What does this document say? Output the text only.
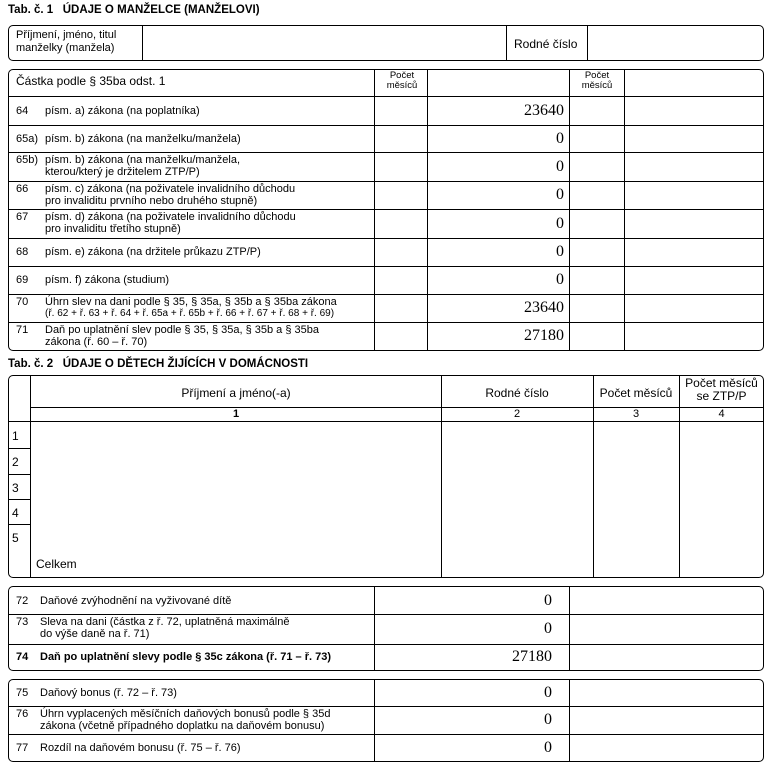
Tab. č. 1   ÚDAJE O MANŽELCE (MANŽELOVI)
Příjmení, jméno, titul
manželky (manžela)	Rodné číslo
Částka podle § 35ba odst. 1	Počet
měsíců
Počet
měsíců
64 písm. a) zákona (na poplatníka)	23640
65a) písm. b) zákona (na manželku/manžela)	0
65b) písm. b) zákona (na manželku/manžela,
kterou/který je držitelem ZTP/P)	0
66 písm. c) zákona (na poživatele invalidního důchodu
pro invaliditu prvního nebo druhého stupně)	0
67 písm. d) zákona (na poživatele invalidního důchodu
pro invaliditu třetího stupně)	0
68 písm. e) zákona (na držitele průkazu ZTP/P)	0
69 písm. f) zákona (studium)	0
70 Úhrn slev na dani podle § 35, § 35a, § 35b a § 35ba zákona
(ř. 62 + ř. 63 + ř. 64 + ř. 65a + ř. 65b + ř. 66 + ř. 67 + ř. 68 + ř. 69)	23640
71 Daň po uplatnění slev podle § 35, § 35a, § 35b a § 35ba
zákona (ř. 60 – ř. 70)	27180
Tab. č. 2   ÚDAJE O DĚTECH ŽIJÍCÍCH V DOMÁCNOSTI
Příjmení a jméno(-a)	Rodné číslo	Počet měsíců
Počet měsíců
se ZTP/P
1	2	3	4
1
2
3
4
5
Celkem
72 Daňové zvýhodnění na vyživované dítě	0
73 Sleva na dani (částka z ř. 72, uplatněná maximálně
do výše daně na ř. 71)	0
74 Daň po uplatnění slevy podle § 35c zákona (ř. 71 – ř. 73)	27180
75 Daňový bonus (ř. 72 – ř. 73)	0
76 Úhrn vyplacených měsíčních daňových bonusů podle § 35d
zákona (včetně případného doplatku na daňovém bonusu)	0
77 Rozdíl na daňovém bonusu (ř. 75 – ř. 76)	0
